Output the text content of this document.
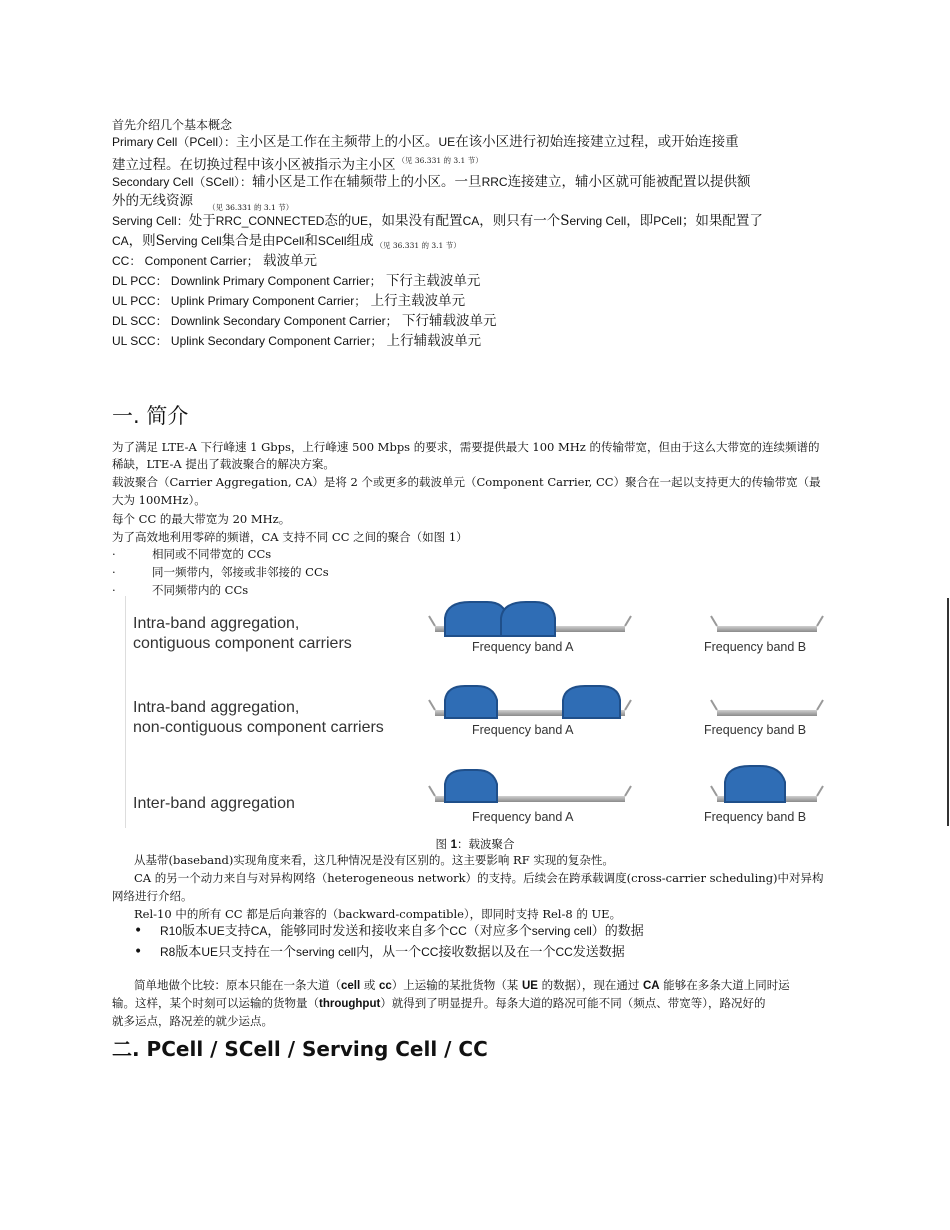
首先介绍几个基本概念
Primary Cell（PCell）：主小区是工作在主频带上的小区。UE在该小区进行初始连接建立过程，或开始连接重
建立过程。在切换过程中该小区被指示为主小区 $^{(见 36.331 的 3.1 节)}$
Secondary Cell（SCell）：辅小区是工作在辅频带上的小区。一旦RRC连接建立，辅小区就可能被配置以提供额
外的无线资源 （见 36.331 的 3.1 节）
Serving Cell：处于RRC_CONNECTED态的UE，如果没有配置CA，则只有一个Serving Cell，即PCell；如果配置了
CA，则Serving Cell集合是由PCell和SCell组成 $_{(见 36.331 的 3.1 节)}$
CC： Component Carrier； 载波单元
DL PCC： Downlink Primary Component Carrier； 下行主载波单元
UL PCC： Uplink Primary Component Carrier； 上行主载波单元
DL SCC： Downlink Secondary Component Carrier； 下行辅载波单元
UL SCC： Uplink Secondary Component Carrier； 上行辅载波单元
一. 简介
为了满足 LTE-A 下行峰速 1 Gbps，上行峰速 500 Mbps 的要求，需要提供最大 100 MHz 的传输带宽，但由于这么大带宽的连续频谱的
稀缺，LTE-A 提出了载波聚合的解决方案。
载波聚合（Carrier Aggregation, CA）是将 2 个或更多的载波单元（Component Carrier, CC）聚合在一起以支持更大的传输带宽（最
大为 100MHz）。
每个 CC 的最大带宽为 20 MHz。
为了高效地利用零碎的频谱，CA 支持不同 CC 之间的聚合（如图 1）
·	相同或不同带宽的 CCs
·	同一频带内，邻接或非邻接的 CCs
·	不同频带内的 CCs
Intra-band aggregation,
contiguous component carriers
Intra-band aggregation,
non-contiguous component carriers
Inter-band aggregation
Frequency band A	Frequency band B
Frequency band A	Frequency band B
Frequency band A	Frequency band B
图 1：载波聚合
从基带(baseband)实现角度来看，这几种情况是没有区别的。这主要影响 RF 实现的复杂性。
CA 的另一个动力来自与对异构网络（heterogeneous network）的支持。后续会在跨承载调度(cross-carrier scheduling)中对异构
网络进行介绍。
Rel-10 中的所有 CC 都是后向兼容的（backward-compatible），即同时支持 Rel-8 的 UE。
• R10版本UE支持CA，能够同时发送和接收来自多个CC（对应多个serving cell）的数据
• R8版本UE只支持在一个serving cell内，从一个CC接收数据以及在一个CC发送数据
简单地做个比较：原本只能在一条大道（cell 或 cc）上运输的某批货物（某 UE 的数据），现在通过 CA 能够在多条大道上同时运
输。这样，某个时刻可以运输的货物量（throughput）就得到了明显提升。每条大道的路况可能不同（频点、带宽等），路况好的
就多运点，路况差的就少运点。
二. PCell / SCell / Serving Cell / CC
